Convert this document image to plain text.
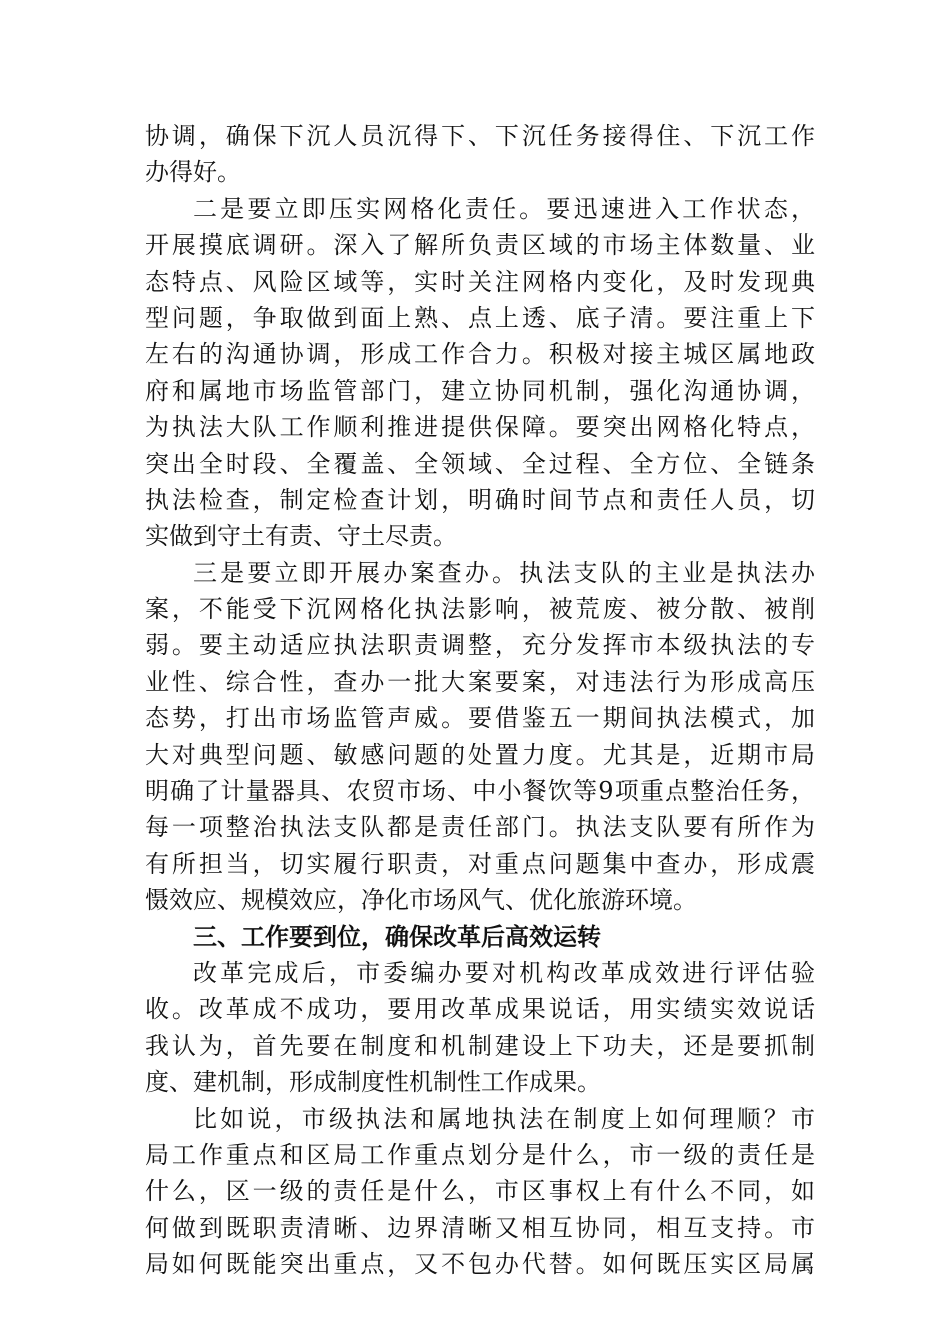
协调，确保下沉人员沉得下、下沉任务接得住、下沉工作
办得好。
二是要立即压实网格化责任。要迅速进入工作状态，
开展摸底调研。深入了解所负责区域的市场主体数量、业
态特点、风险区域等，实时关注网格内变化，及时发现典
型问题，争取做到面上熟、点上透、底子清。要注重上下
左右的沟通协调，形成工作合力。积极对接主城区属地政
府和属地市场监管部门，建立协同机制，强化沟通协调，
为执法大队工作顺利推进提供保障。要突出网格化特点，
突出全时段、全覆盖、全领域、全过程、全方位、全链条
执法检查，制定检查计划，明确时间节点和责任人员，切
实做到守土有责、守土尽责。
三是要立即开展办案查办。执法支队的主业是执法办
案，不能受下沉网格化执法影响，被荒废、被分散、被削
弱。要主动适应执法职责调整，充分发挥市本级执法的专
业性、综合性，查办一批大案要案，对违法行为形成高压
态势，打出市场监管声威。要借鉴五一期间执法模式，加
大对典型问题、敏感问题的处置力度。尤其是，近期市局
明确了计量器具、农贸市场、中小餐饮等9项重点整治任务，
每一项整治执法支队都是责任部门。执法支队要有所作为
有所担当，切实履行职责，对重点问题集中查办，形成震
慑效应、规模效应，净化市场风气、优化旅游环境。
三、工作要到位，确保改革后高效运转
改革完成后，市委编办要对机构改革成效进行评估验
收。改革成不成功，要用改革成果说话，用实绩实效说话
我认为，首先要在制度和机制建设上下功夫，还是要抓制
度、建机制，形成制度性机制性工作成果。
比如说，市级执法和属地执法在制度上如何理顺？市
局工作重点和区局工作重点划分是什么，市一级的责任是
什么，区一级的责任是什么，市区事权上有什么不同，如
何做到既职责清晰、边界清晰又相互协同，相互支持。市
局如何既能突出重点，又不包办代替。如何既压实区局属
